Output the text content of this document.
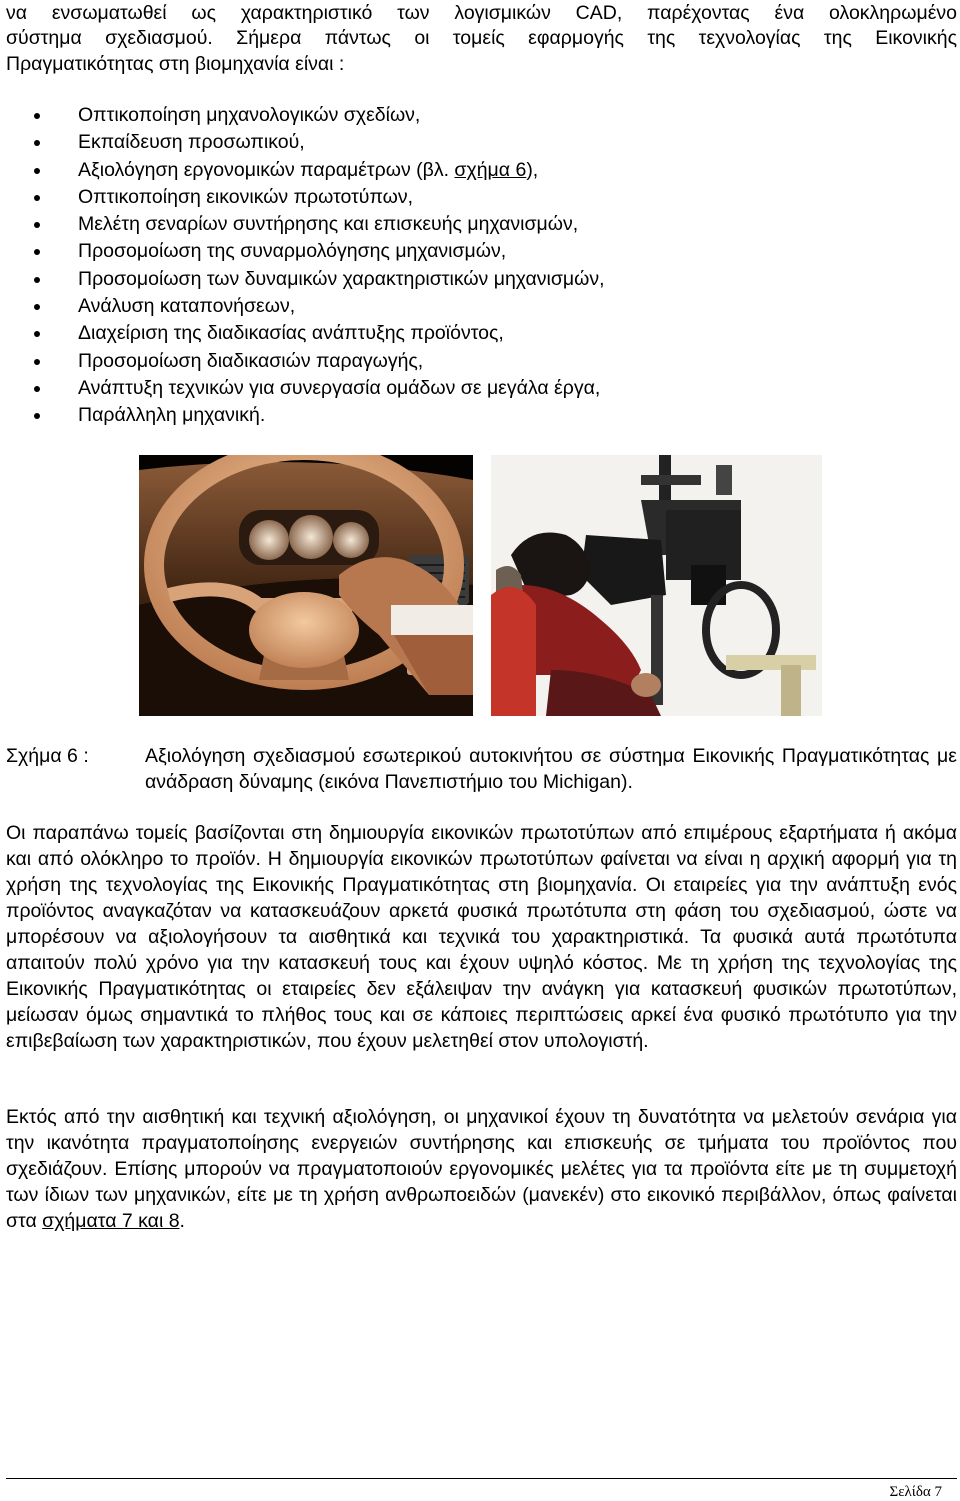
να ενσωματωθεί ως χαρακτηριστικό των λογισμικών CAD, παρέχοντας ένα ολοκληρωμένο
σύστημα σχεδιασμού. Σήμερα πάντως οι τομείς εφαρμογής της τεχνολογίας της Εικονικής
Πραγματικότητας στη βιομηχανία είναι :
Οπτικοποίηση μηχανολογικών σχεδίων,
Εκπαίδευση προσωπικού,
Αξιολόγηση εργονομικών παραμέτρων (βλ. σχήμα 6),
Οπτικοποίηση εικονικών πρωτοτύπων,
Μελέτη σεναρίων συντήρησης και επισκευής μηχανισμών,
Προσομοίωση της συναρμολόγησης μηχανισμών,
Προσομοίωση των δυναμικών χαρακτηριστικών μηχανισμών,
Ανάλυση καταπονήσεων,
Διαχείριση της διαδικασίας ανάπτυξης προϊόντος,
Προσομοίωση διαδικασιών παραγωγής,
Ανάπτυξη τεχνικών για συνεργασία ομάδων σε μεγάλα έργα,
Παράλληλη μηχανική.
Σχήμα 6 :	Αξιολόγηση σχεδιασμού εσωτερικού αυτοκινήτου σε σύστημα Εικονικής Πραγματικότητας με ανάδραση δύναμης (εικόνα Πανεπιστήμιο του Michigan).
Οι παραπάνω τομείς βασίζονται στη δημιουργία εικονικών πρωτοτύπων από επιμέρους εξαρτήματα ή ακόμα και από ολόκληρο το προϊόν. Η δημιουργία εικονικών πρωτοτύπων φαίνεται να είναι η αρχική αφορμή για τη χρήση της τεχνολογίας της Εικονικής Πραγματικότητας στη βιομηχανία. Οι εταιρείες για την ανάπτυξη ενός προϊόντος αναγκαζόταν να κατασκευάζουν αρκετά φυσικά πρωτότυπα στη φάση του σχεδιασμού, ώστε να μπορέσουν να αξιολογήσουν τα αισθητικά και τεχνικά του χαρακτηριστικά. Τα φυσικά αυτά πρωτότυπα απαιτούν πολύ χρόνο για την κατασκευή τους και έχουν υψηλό κόστος. Με τη χρήση της τεχνολογίας της Εικονικής Πραγματικότητας οι εταιρείες δεν εξάλειψαν την ανάγκη για κατασκευή φυσικών πρωτοτύπων, μείωσαν όμως σημαντικά το πλήθος τους και σε κάποιες περιπτώσεις αρκεί ένα φυσικό πρωτότυπο για την επιβεβαίωση των χαρακτηριστικών, που έχουν μελετηθεί στον υπολογιστή.
Εκτός από την αισθητική και τεχνική αξιολόγηση, οι μηχανικοί έχουν τη δυνατότητα να μελετούν σενάρια για την ικανότητα πραγματοποίησης ενεργειών συντήρησης και επισκευής σε τμήματα του προϊόντος που σχεδιάζουν. Επίσης μπορούν να πραγματοποιούν εργονομικές μελέτες για τα προϊόντα είτε με τη συμμετοχή των ίδιων των μηχανικών, είτε με τη χρήση ανθρωποειδών (μανεκέν) στο εικονικό περιβάλλον, όπως φαίνεται στα σχήματα 7 και 8.
Σελίδα 7
